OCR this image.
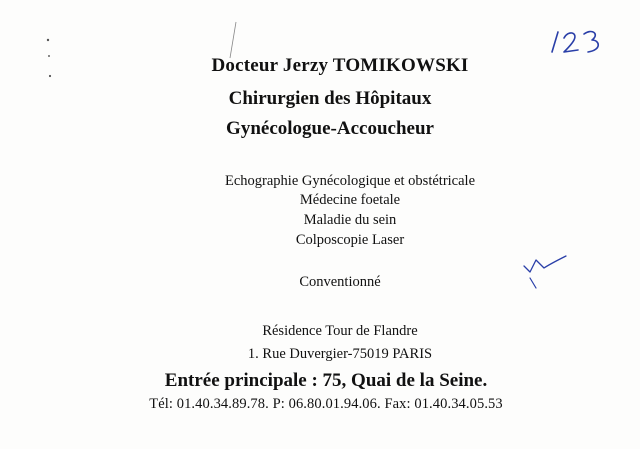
Docteur Jerzy TOMIKOWSKI
Chirurgien des Hôpitaux
Gynécologue-Accoucheur
Echographie Gynécologique et obstétricale
Médecine foetale
Maladie du sein
Colposcopie Laser
Conventionné
Résidence Tour de Flandre
1. Rue Duvergier-75019 PARIS
Entrée principale : 75, Quai de la Seine.
Tél: 01.40.34.89.78. P: 06.80.01.94.06. Fax: 01.40.34.05.53
